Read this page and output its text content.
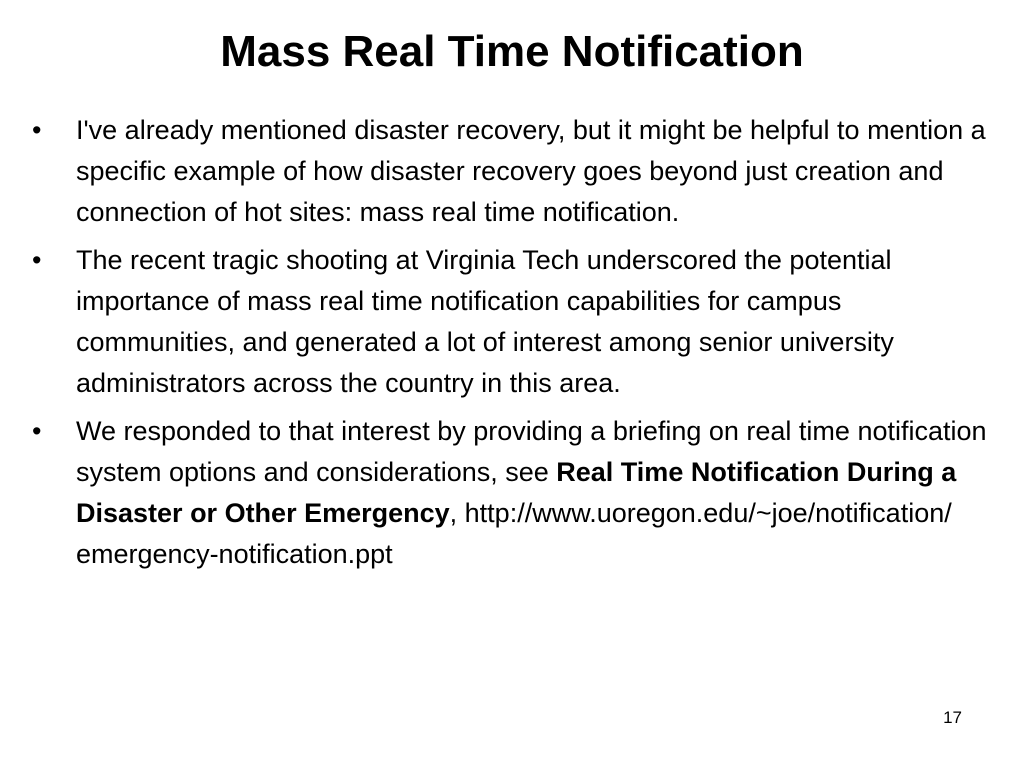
Mass Real Time Notification
•	I've already mentioned disaster recovery, but it might be helpful to mention a specific example of how disaster recovery goes beyond just creation and connection of hot sites: mass real time notification.
•	The recent tragic shooting at Virginia Tech underscored the potential importance of mass real time notification capabilities for campus communities, and generated a lot of interest among senior university administrators across the country in this area.
•	We responded to that interest by providing a briefing on real time notification system options and considerations, see Real Time Notification During a Disaster or Other Emergency, http://www.uoregon.edu/~joe/notification/ emergency-notification.ppt
17
